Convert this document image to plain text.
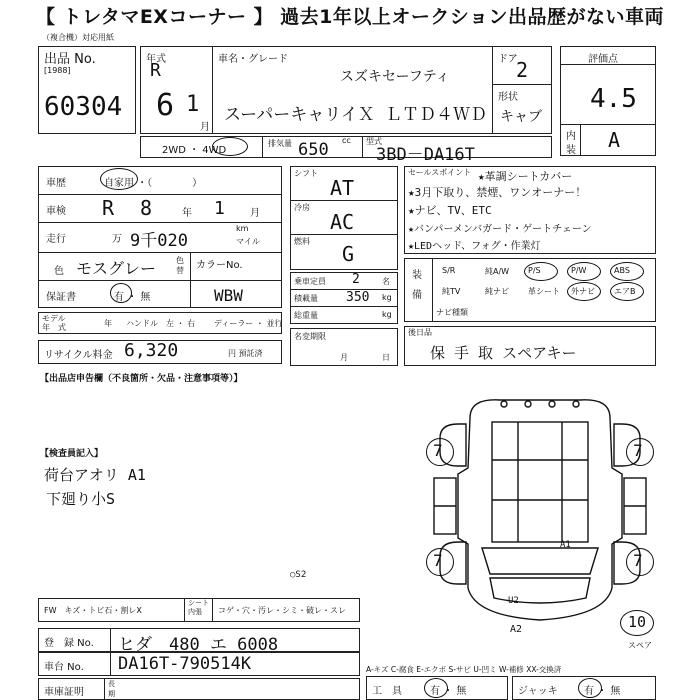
【 トレタマEXコーナー 】 過去1年以上オークション出品歴がない車両
（複合機）対応用紙
出品 No.
[1988]
60304
年式
R
6 1
月
車名・グレード
スズキセーフティ
スーパーキャリイＸ ＬＴＤ４ＷＤ
ドア
2
形状
キャブ
評価点
4.5
内
装 A
2WD ・ 4WD
排気量	cc
650	型式
3BD－DA16T
車歴	自家用 ・（　　　　）
車検 R 8	年 1	月
走行	万 9千020
km
マイル
色 モスグレー 色替 カラーNo.
保証書	有 ・ 無	WBW
モデル
年　式	年 ハンドル　左 ・ 右 ディーラー ・ 並行
リサイクル料金 6,320	円 預託済
シフト
AT
冷房
AC
燃料
G
乗車定員 2	名
積載量 350 kg
総重量	kg
名変期限
月	日
セールスポイント ★革調シートカバー
★3月下取り、禁煙、ワンオーナー！
★ナビ、TV、ETC
★バンパーメンバガード・ゲートチェーン
★LEDヘッド、フォグ・作業灯
装
備
S/R	純A/W P/S	P/W	ABS
純TV	純ナビ 革シート 外ナビ エアB
ナビ種類
後日品
保 手 取 スペアキー
【出品店申告欄（不良箇所・欠品・注意事項等）】
【検査員記入】
荷台アオリ A1
下廻り小S
7	7
7	7
U2
A2
A1
10
スペア
FW　キズ・トビ石・割レX
シート
内張	コゲ・穴・汚レ・シミ・破レ・スレ
○S2
登　録 No. ヒダ　480 エ 6008
車台 No. DA16T-790514K
車庫証明
長
期
A-キズ C-腐食 E-エクボ S-サビ U-凹ミ W-補修 XX-交換済
工　具	有 ・ 無	ジャッキ	有 ・ 無
